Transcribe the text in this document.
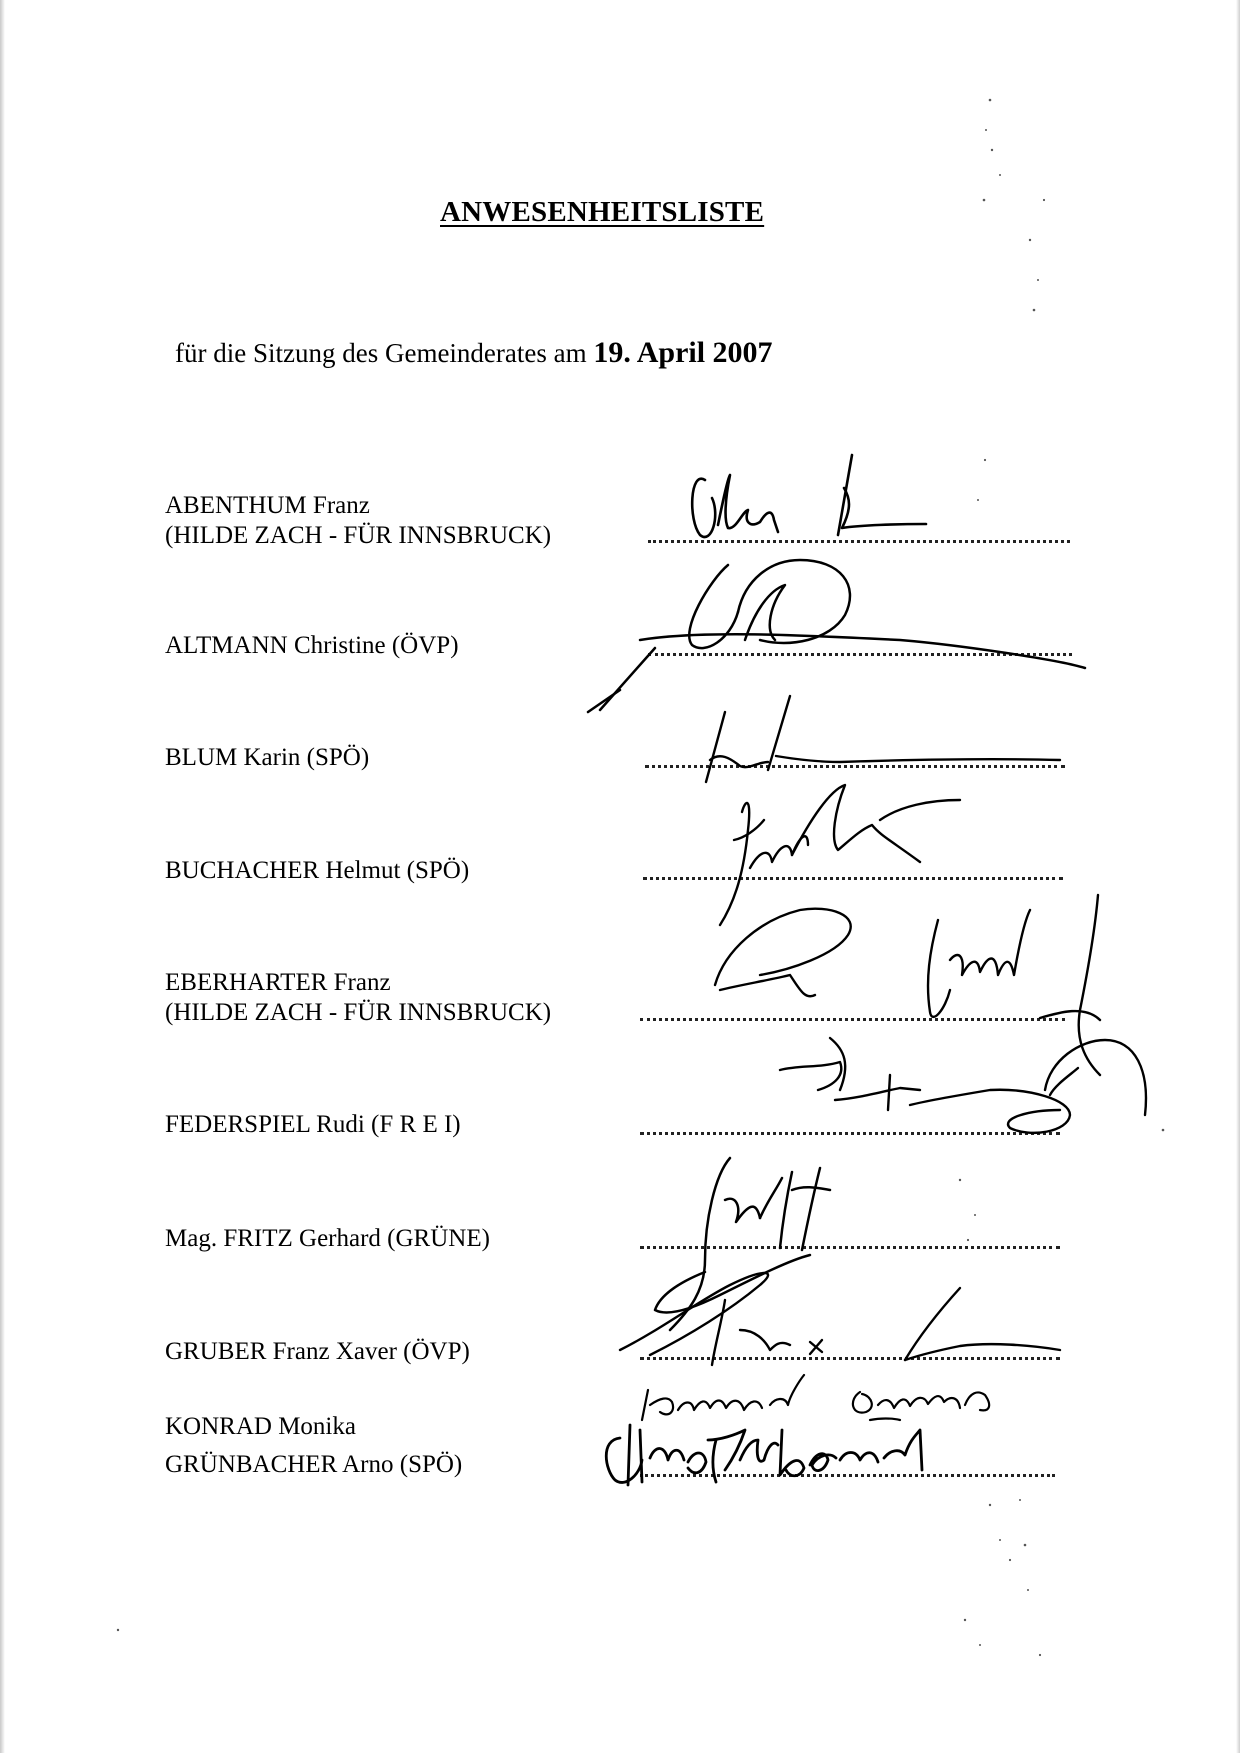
ANWESENHEITSLISTE
für die Sitzung des Gemeinderates am 19. April 2007
ABENTHUM Franz
(HILDE ZACH - FÜR INNSBRUCK)
ALTMANN Christine (ÖVP)
BLUM Karin (SPÖ)
BUCHACHER Helmut (SPÖ)
EBERHARTER Franz
(HILDE ZACH - FÜR INNSBRUCK)
FEDERSPIEL Rudi (F R E I)
Mag. FRITZ Gerhard (GRÜNE)
GRUBER Franz Xaver (ÖVP)
KONRAD Monika
GRÜNBACHER Arno (SPÖ)
